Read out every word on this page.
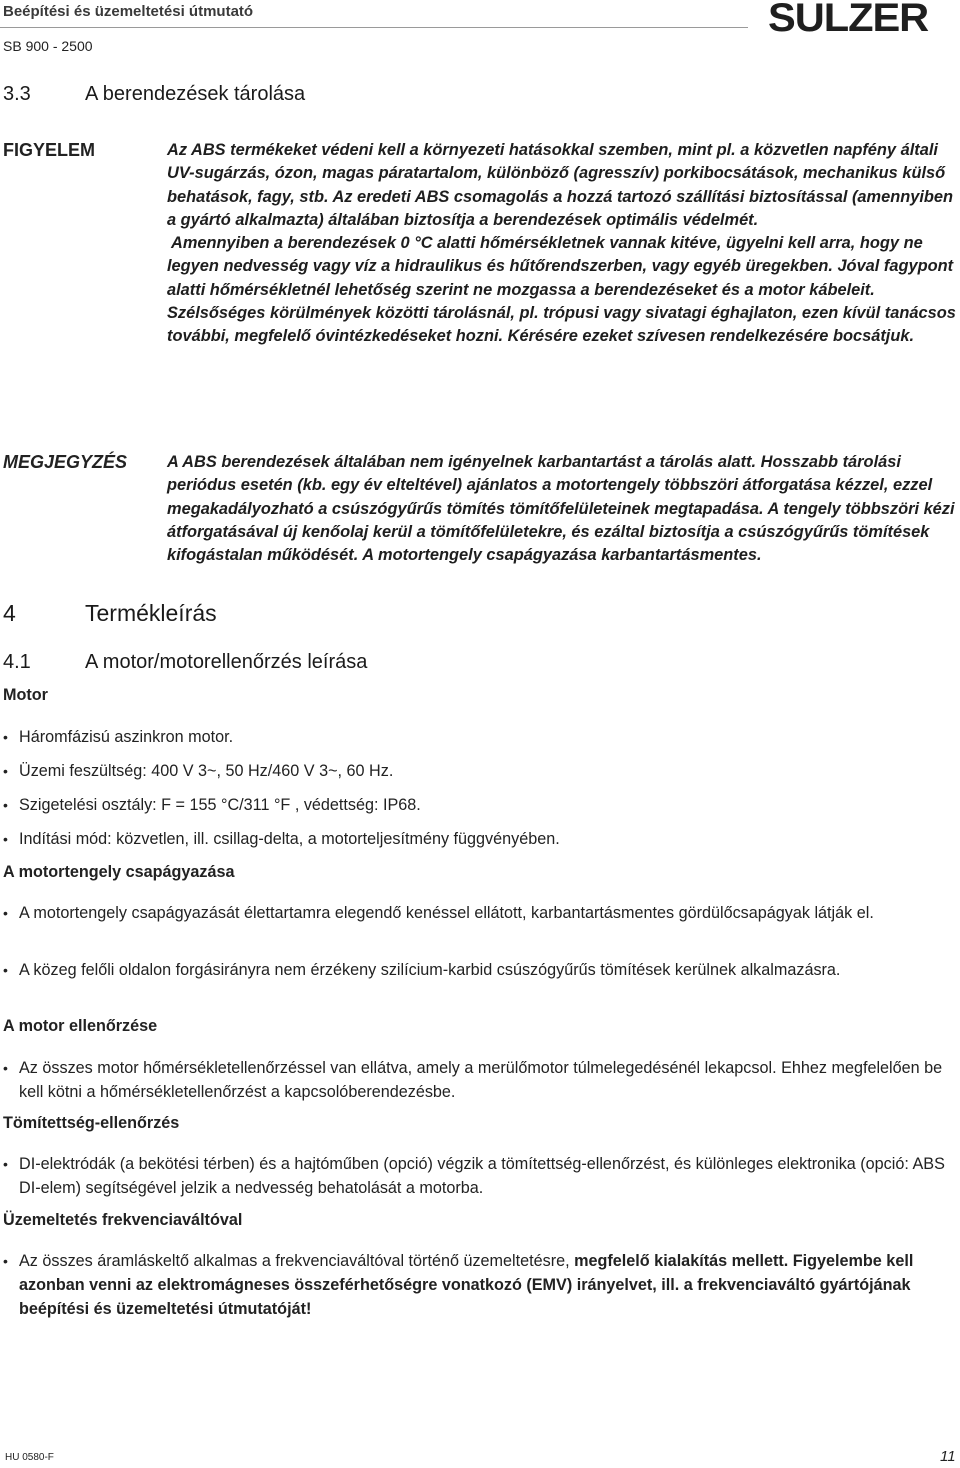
Beépítési és üzemeltetési útmutató
SB 900 - 2500
SULZER
3.3	A berendezések tárolása
FIGYELEM	Az ABS termékeket védeni kell a környezeti hatásokkal szemben, mint pl. a közvetlen napfény általi UV-sugárzás, ózon, magas páratartalom, különböző (agresszív) porkibocsátások, mechanikus külső behatások, fagy, stb. Az eredeti ABS csomagolás a hozzá tartozó szállítási biztosítással (amennyiben a gyártó alkalmazta) általában biztosítja a berendezések optimális védelmét.

Amennyiben a berendezések 0 °C alatti hőmérsékletnek vannak kitéve, ügyelni kell arra, hogy ne legyen nedvesség vagy víz a hidraulikus és hűtőrendszerben, vagy egyéb üregekben. Jóval fagypont alatti hőmérsékletnél lehetőség szerint ne mozgassa a berendezéseket és a motor kábeleit.

Szélsőséges körülmények közötti tárolásnál, pl. trópusi vagy sivatagi éghajlaton, ezen kívül tanácsos további, megfelelő óvintézkedéseket hozni. Kérésére ezeket szívesen rendelkezésére bocsátjuk.

MEGJEGYZÉS A ABS berendezések általában nem igényelnek karbantartást a tárolás alatt. Hosszabb tárolási periódus esetén (kb. egy év elteltével) ajánlatos a motortengely többszöri átforgatása kézzel, ezzel megakadályozható a csúszógyűrűs tömítés tömítőfelületeinek megtapadása. A tengely többszöri kézi átforgatásával új kenőolaj kerül a tömítőfelületekre, és ezáltal biztosítja a csúszógyűrűs tömítések kifogástalan működését. A motortengely csapágyazása karbantartásmentes.

4	Termékleírás
4.1	A motor/motorellenőrzés leírása
Motor
• Háromfázisú aszinkron motor.
• Üzemi feszültség: 400 V 3~, 50 Hz/460 V 3~, 60 Hz.
• Szigetelési osztály: F = 155 °C/311 °F , védettség: IP68.
• Indítási mód: közvetlen, ill. csillag-delta, a motorteljesítmény függvényében.
A motortengely csapágyazása
• A motortengely csapágyazását élettartamra elegendő kenéssel ellátott, karbantartásmentes gördülőcsapágyak látják el.
• A közeg felőli oldalon forgásirányra nem érzékeny szilícium-karbid csúszógyűrűs tömítések kerülnek alkalmazásra.
A motor ellenőrzése
• Az összes motor hőmérsékletellenőrzéssel van ellátva, amely a merülőmotor túlmelegedésénél lekapcsol. Ehhez megfelelően be kell kötni a hőmérsékletellenőrzést a kapcsolóberendezésbe.
Tömítettség-ellenőrzés
• DI-elektródák (a bekötési térben) és a hajtóműben (opció) végzik a tömítettség-ellenőrzést, és különleges elektronika (opció: ABS DI-elem) segítségével jelzik a nedvesség behatolását a motorba.
Üzemeltetés frekvenciaváltóval
• Az összes áramláskeltő alkalmas a frekvenciaváltóval történő üzemeltetésre, megfelelő kialakítás mellett. Figyelembe kell azonban venni az elektromágneses összeférhetőségre vonatkozó (EMV) irányelvet, ill. a frekvenciaváltó gyártójának beépítési és üzemeltetési útmutatóját!
HU 0580-F	11
